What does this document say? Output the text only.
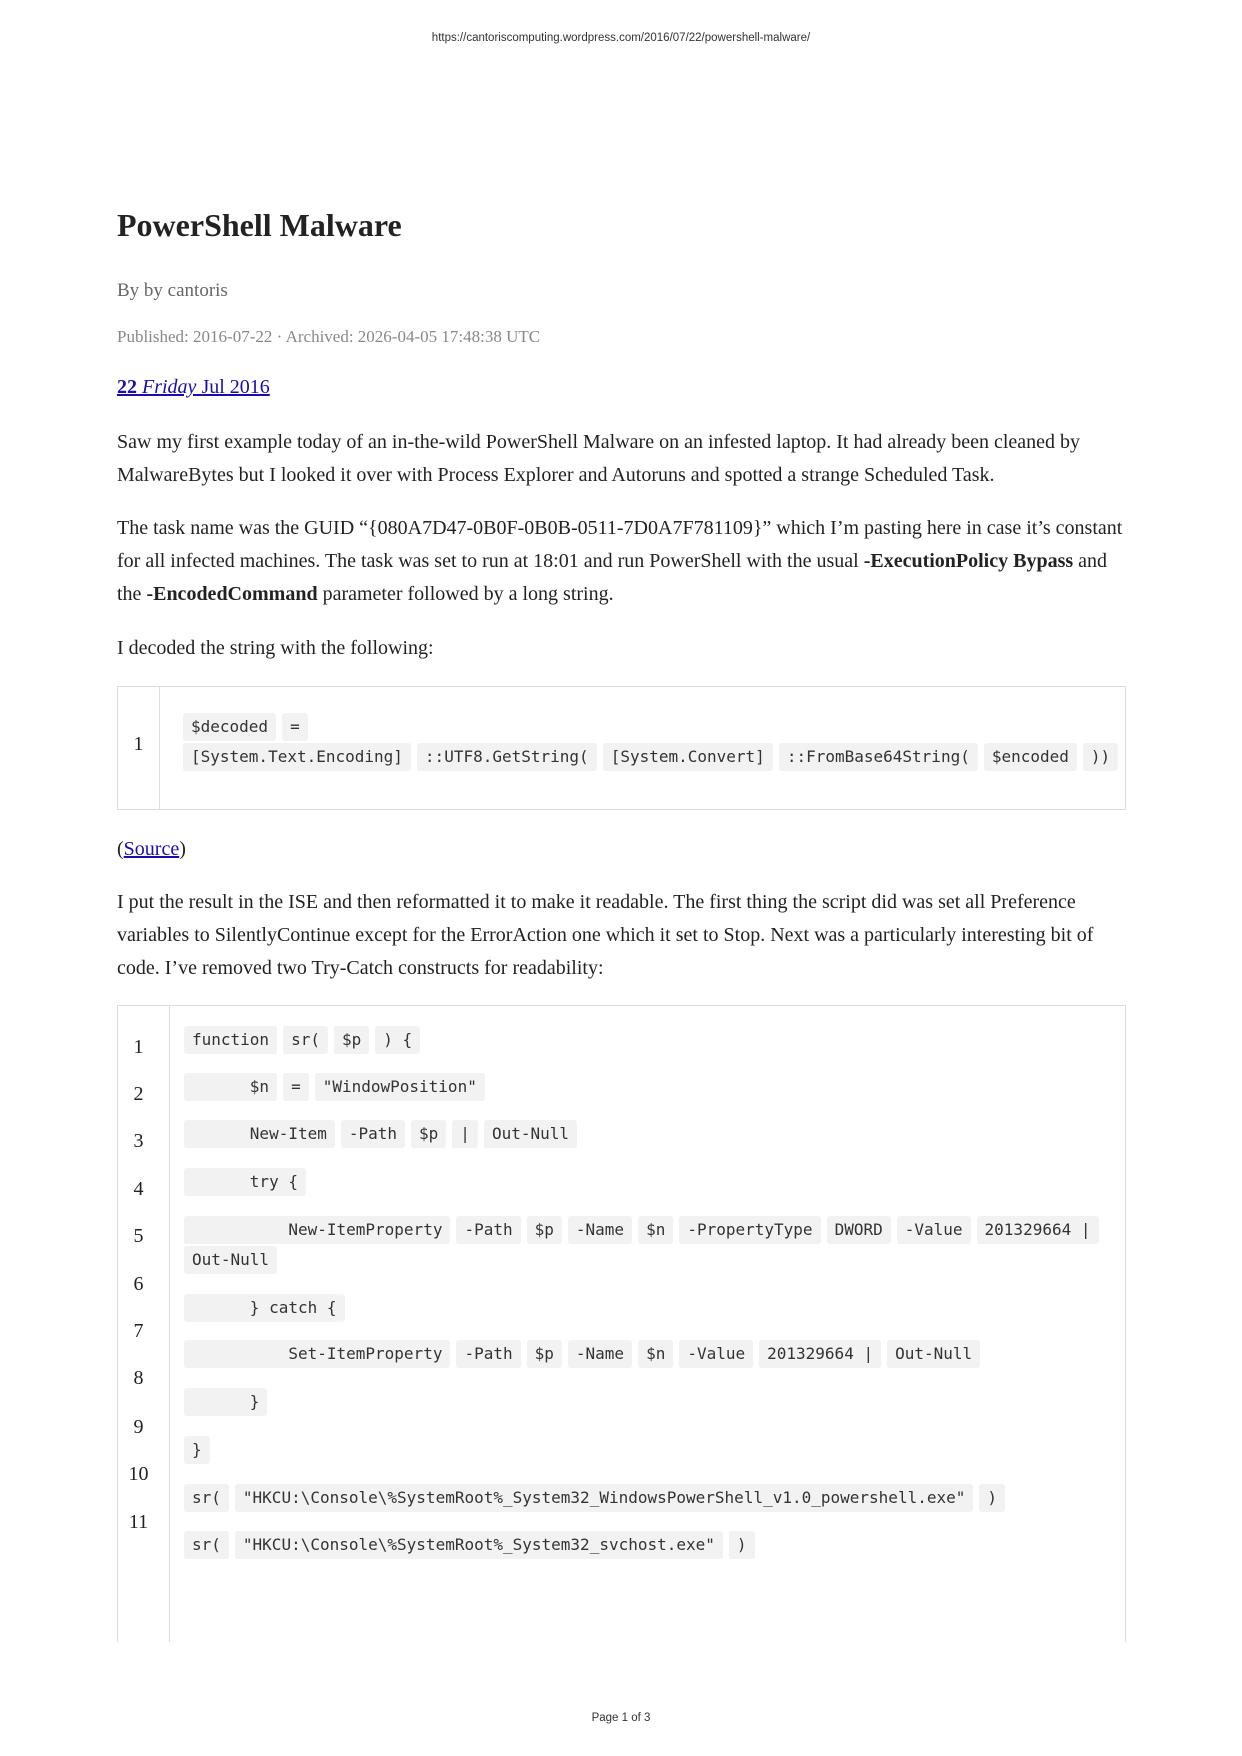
https://cantoriscomputing.wordpress.com/2016/07/22/powershell-malware/
PowerShell Malware
By by cantoris
Published: 2016-07-22 · Archived: 2026-04-05 17:48:38 UTC
22 Friday Jul 2016

Saw my first example today of an in-the-wild PowerShell Malware on an infested laptop. It had already been cleaned by MalwareBytes but I looked it over with Process Explorer and Autoruns and spotted a strange Scheduled Task.

The task name was the GUID “{080A7D47-0B0F-0B0B-0511-7D0A7F781109}” which I’m pasting here in case it’s constant for all infected machines. The task was set to run at 18:01 and run PowerShell with the usual -ExecutionPolicy Bypass and the -EncodedCommand parameter followed by a long string.

I decoded the string with the following:

1
$decoded =
[System.Text.Encoding] ::UTF8.GetString( [System.Convert] ::FromBase64String( $encoded ))

(Source)

I put the result in the ISE and then reformatted it to make it readable. The first thing the script did was set all Preference variables to SilentlyContinue except for the ErrorAction one which it set to Stop. Next was a particularly interesting bit of code. I’ve removed two Try-Catch constructs for readability:

1
2
3
4
5
6
7
8
9
10
11
function sr( $p ) {
$n = "WindowPosition"
New-Item -Path $p | Out-Null
try {
New-ItemProperty -Path $p -Name $n -PropertyType DWORD -Value 201329664 |
Out-Null
} catch {
Set-ItemProperty -Path $p -Name $n -Value 201329664 | Out-Null
}
}
sr( "HKCU:\Console\%SystemRoot%_System32_WindowsPowerShell_v1.0_powershell.exe" )
sr( "HKCU:\Console\%SystemRoot%_System32_svchost.exe" )
Page 1 of 3
